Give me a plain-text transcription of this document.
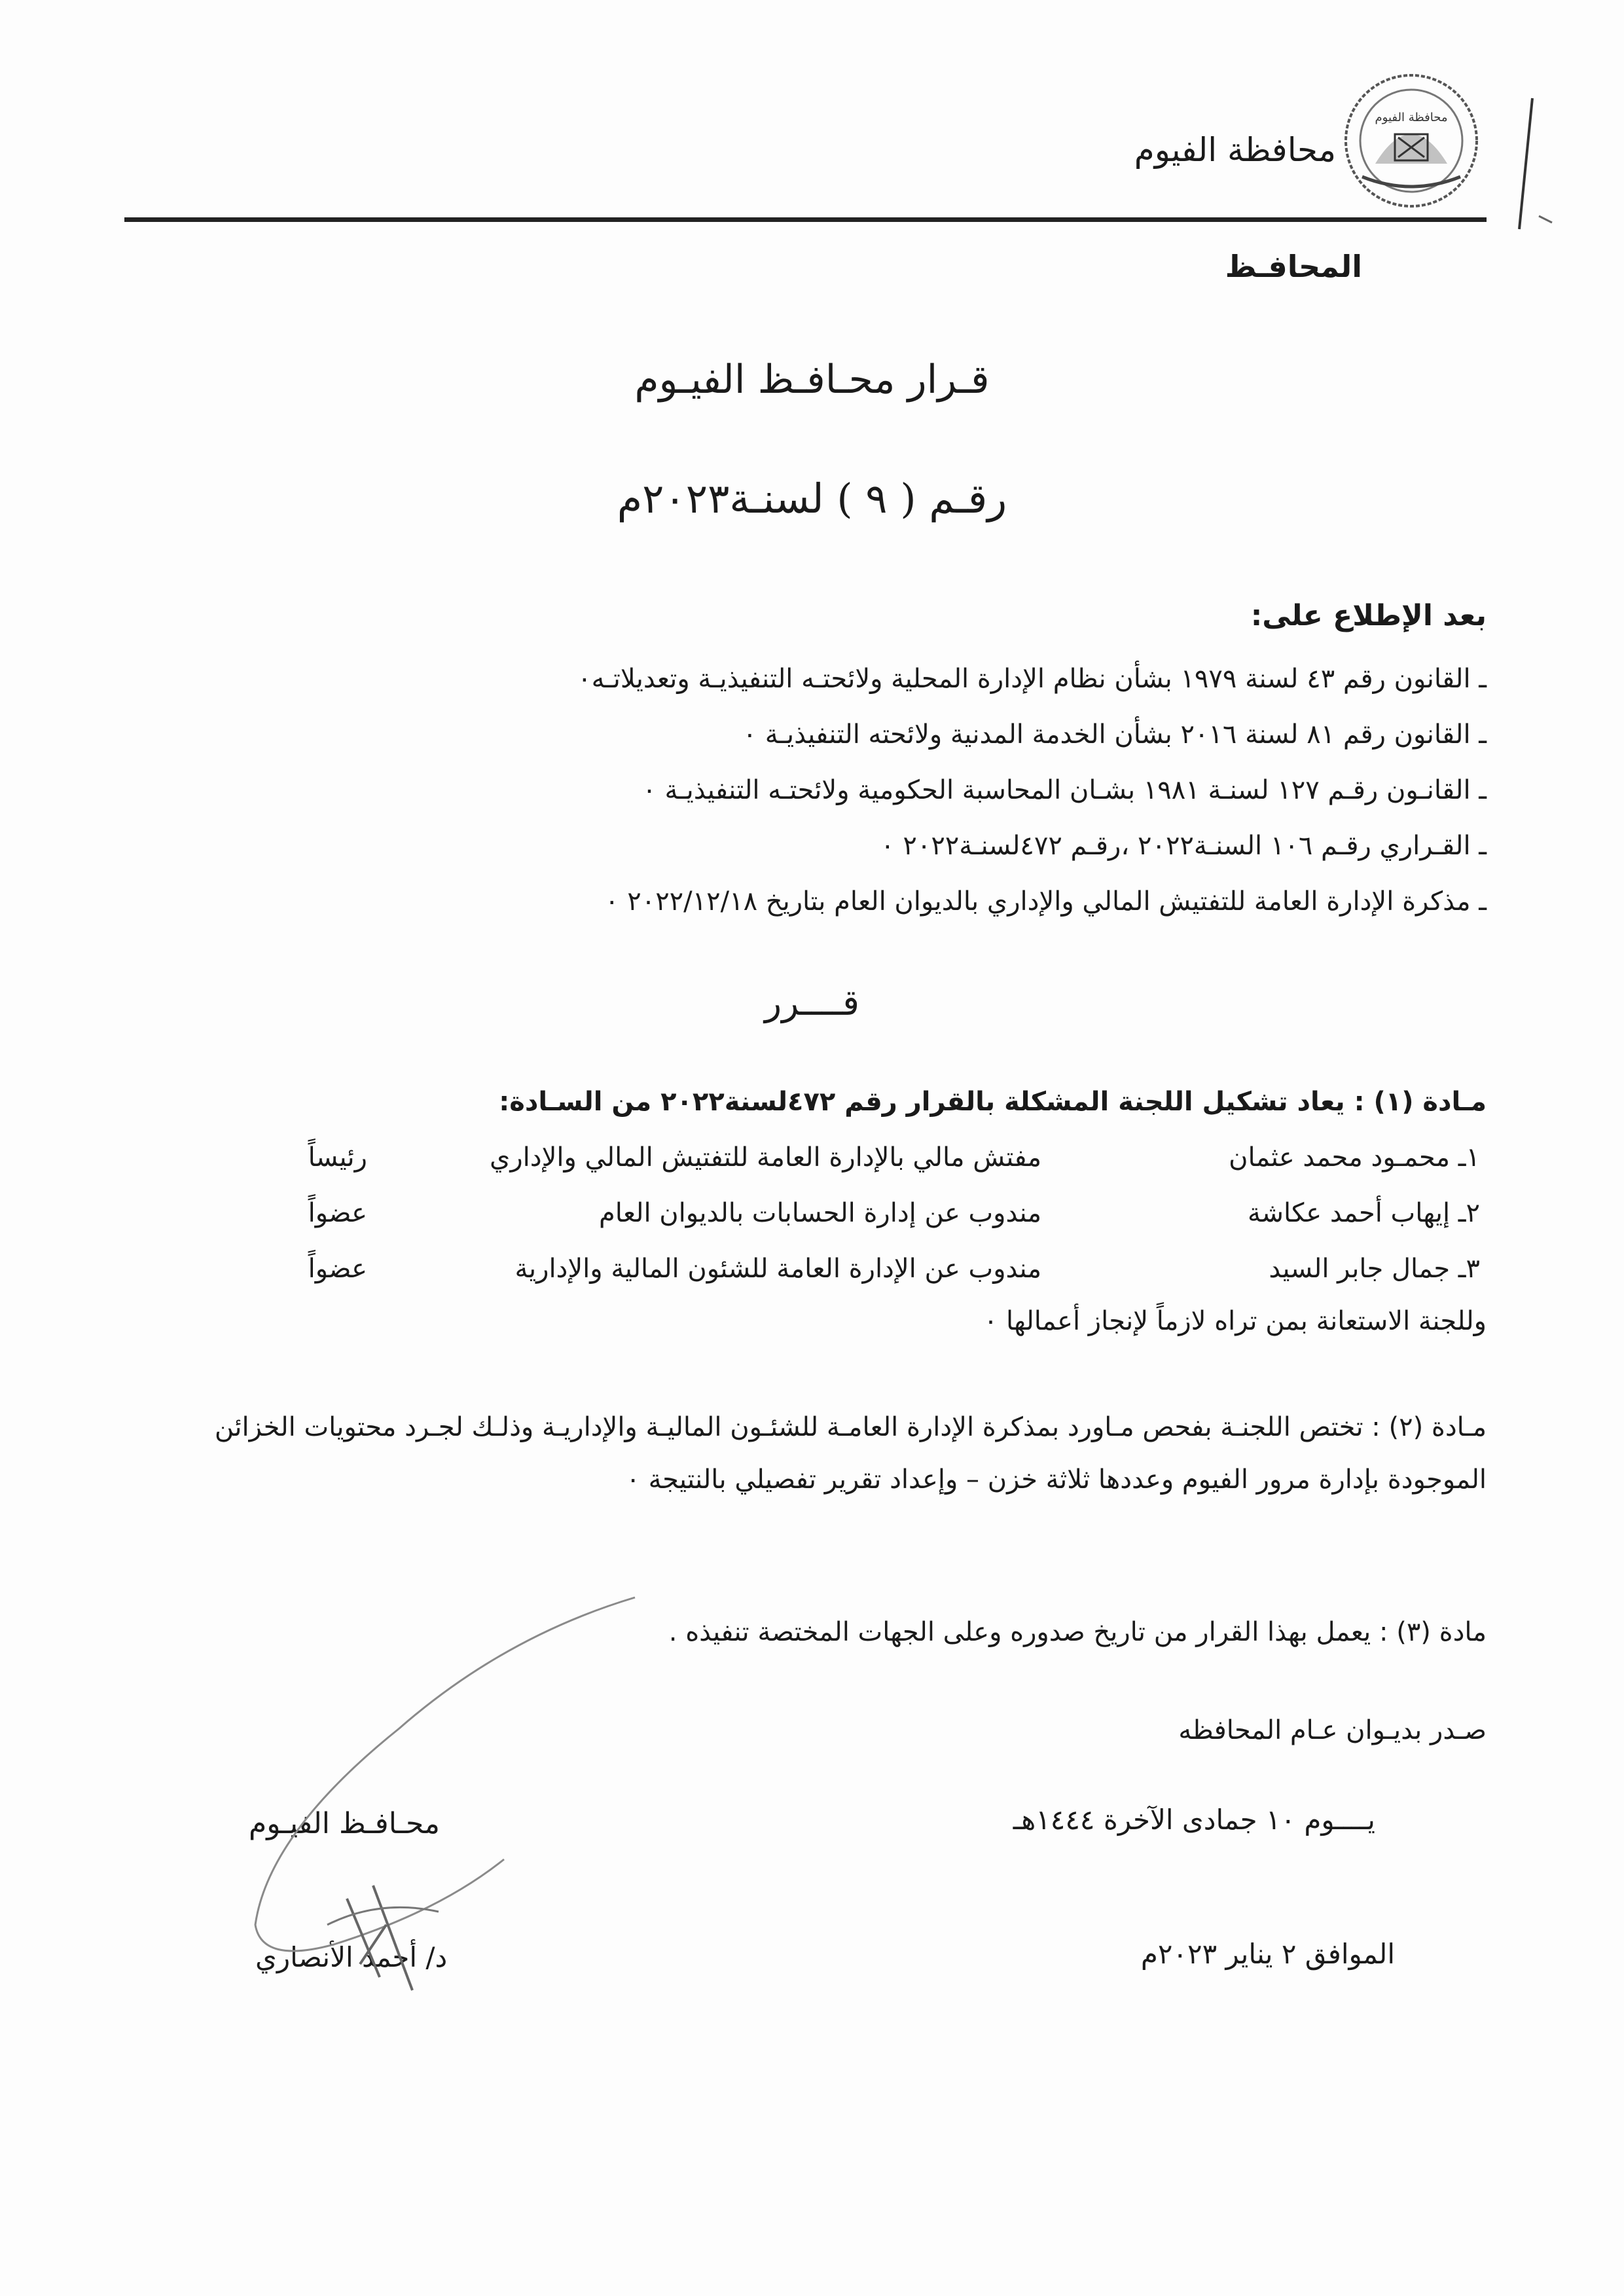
محافظة الفيوم
محافظة الفيوم
المحافـظ
قـرار محـافـظ الفيـوم
رقـم ( ٩ ) لسنـة٢٠٢٣م
بعد الإطلاع على:
ـ القانون رقم ٤٣ لسنة ١٩٧٩ بشأن نظام الإدارة المحلية ولائحتـه التنفيذيـة وتعديلاتـه٠
ـ القانون رقم ٨١ لسنة ٢٠١٦ بشأن الخدمة المدنية ولائحته التنفيذيـة ٠
ـ القانـون رقـم ١٢٧ لسنـة ١٩٨١ بشـان المحاسبة الحكومية ولائحتـه التنفيذيـة ٠
ـ القـراري رقـم ١٠٦ السنـة٢٠٢٢ ،رقـم ٤٧٢لسنـة٢٠٢٢ ٠
ـ مذكرة الإدارة العامة للتفتيش المالي والإداري بالديوان العام بتاريخ ٢٠٢٢/١٢/١٨ ٠
قــــرر
مـادة (١) : يعاد تشكيل اللجنة المشكلة بالقرار رقم ٤٧٢لسنة٢٠٢٢ من السـادة:
١ـ محمـود محمد عثمان
مفتش مالي بالإدارة العامة للتفتيش المالي والإداري
رئيساً
٢ـ إيهاب أحمد عكاشة
مندوب عن إدارة الحسابات بالديوان العام
عضواً
٣ـ جمال جابر السيد
مندوب عن الإدارة العامة للشئون المالية والإدارية
عضواً
وللجنة الاستعانة بمن تراه لازماً لإنجاز أعمالها ٠
مـادة (٢) : تختص اللجنـة بفحص مـاورد بمذكرة الإدارة العامـة للشئـون الماليـة والإداريـة وذلـك لجـرد محتويات الخزائن الموجودة بإدارة مرور الفيوم وعددها ثلاثة خزن – وإعداد تقرير تفصيلي بالنتيجة ٠
مادة (٣) : يعمل بهذا القرار من تاريخ صدوره وعلى الجهات المختصة تنفيذه .
صـدر بديـوان عـام المحافظه
يــــوم ١٠ جمادى الآخرة ١٤٤٤هـ
الموافق ٢ يناير ٢٠٢٣م
محـافـظ الفيـوم
د/ أحمد الأنصاري
